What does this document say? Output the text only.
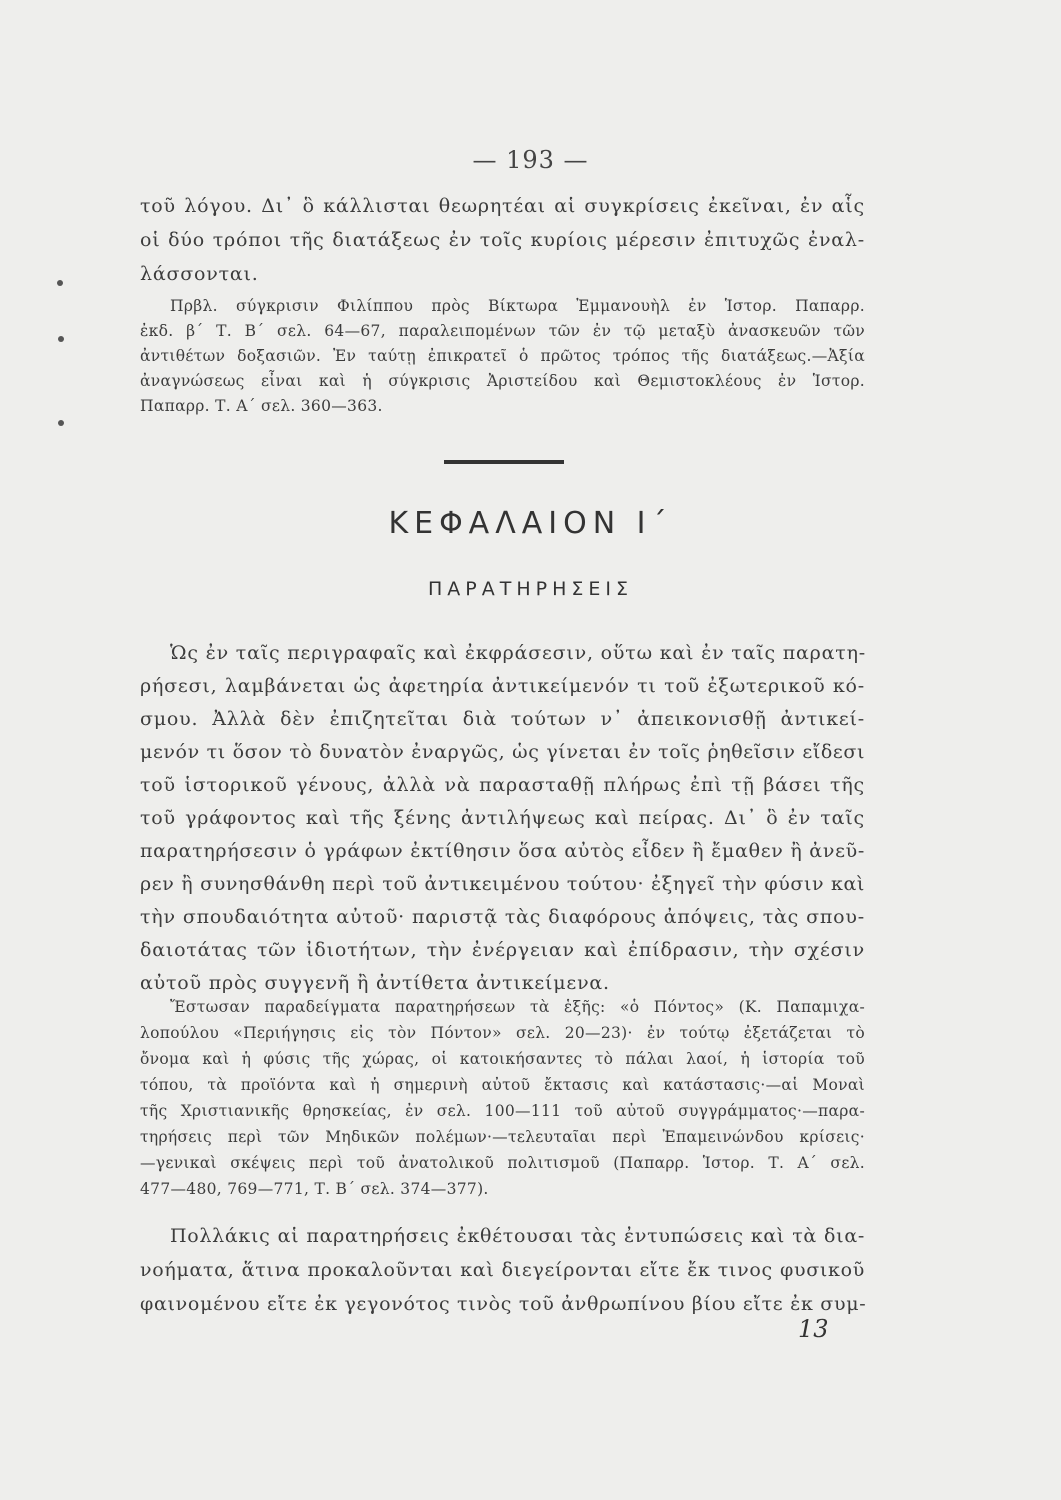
— 193 —
τοῦ λόγου. Δι᾽ ὃ κάλλισται θεωρητέαι αἱ συγκρίσεις ἐκεῖναι, ἐν αἷς
οἱ δύο τρόποι τῆς διατάξεως ἐν τοῖς κυρίοις μέρεσιν ἐπιτυχῶς ἐναλ-
λάσσονται.
Πρβλ. σύγκρισιν Φιλίππου πρὸς Βίκτωρα Ἐμμανουὴλ ἐν Ἱστορ. Παπαρρ.
ἐκδ. β΄ Τ. Β΄ σελ. 64—67, παραλειπομένων τῶν ἐν τῷ μεταξὺ ἀνασκευῶν τῶν
ἀντιθέτων δοξασιῶν. Ἐν ταύτῃ ἐπικρατεῖ ὁ πρῶτος τρόπος τῆς διατάξεως.—Ἀξία
ἀναγνώσεως εἶναι καὶ ἡ σύγκρισις Ἀριστείδου καὶ Θεμιστοκλέους ἐν Ἱστορ.
Παπαρρ. Τ. Α΄ σελ. 360—363.
ΚΕΦΑΛΑΙΟΝ Ι΄
ΠΑΡΑΤΗΡΗΣΕΙΣ
Ὡς ἐν ταῖς περιγραφαῖς καὶ ἐκφράσεσιν, οὕτω καὶ ἐν ταῖς παρατη-
ρήσεσι, λαμβάνεται ὡς ἀφετηρία ἀντικείμενόν τι τοῦ ἐξωτερικοῦ κό-
σμου. Ἀλλὰ δὲν ἐπιζητεῖται διὰ τούτων ν᾽ ἀπεικονισθῇ ἀντικεί-
μενόν τι ὅσον τὸ δυνατὸν ἐναργῶς, ὡς γίνεται ἐν τοῖς ῥηθεῖσιν εἴδεσι
τοῦ ἱστορικοῦ γένους, ἀλλὰ νὰ παρασταθῇ πλήρως ἐπὶ τῇ βάσει τῆς
τοῦ γράφοντος καὶ τῆς ξένης ἀντιλήψεως καὶ πείρας. Δι᾽ ὃ ἐν ταῖς
παρατηρήσεσιν ὁ γράφων ἐκτίθησιν ὅσα αὐτὸς εἶδεν ἢ ἔμαθεν ἢ ἀνεῦ-
ρεν ἢ συνησθάνθη περὶ τοῦ ἀντικειμένου τούτου· ἐξηγεῖ τὴν φύσιν καὶ
τὴν σπουδαιότητα αὐτοῦ· παριστᾷ τὰς διαφόρους ἀπόψεις, τὰς σπου-
δαιοτάτας τῶν ἰδιοτήτων, τὴν ἐνέργειαν καὶ ἐπίδρασιν, τὴν σχέσιν
αὐτοῦ πρὸς συγγενῆ ἢ ἀντίθετα ἀντικείμενα.
Ἔστωσαν παραδείγματα παρατηρήσεων τὰ ἑξῆς: «ὁ Πόντος» (Κ. Παπαμιχα-
λοπούλου «Περιήγησις εἰς τὸν Πόντον» σελ. 20—23)· ἐν τούτῳ ἐξετάζεται τὸ
ὄνομα καὶ ἡ φύσις τῆς χώρας, οἱ κατοικήσαντες τὸ πάλαι λαοί, ἡ ἱστορία τοῦ
τόπου, τὰ προϊόντα καὶ ἡ σημερινὴ αὐτοῦ ἔκτασις καὶ κατάστασις·—αἱ Μοναὶ
τῆς Χριστιανικῆς θρησκείας, ἐν σελ. 100—111 τοῦ αὐτοῦ συγγράμματος·—παρα-
τηρήσεις περὶ τῶν Μηδικῶν πολέμων·—τελευταῖαι περὶ Ἐπαμεινώνδου κρίσεις·
—γενικαὶ σκέψεις περὶ τοῦ ἀνατολικοῦ πολιτισμοῦ (Παπαρρ. Ἱστορ. Τ. Α΄ σελ.
477—480, 769—771, Τ. Β΄ σελ. 374—377).
Πολλάκις αἱ παρατηρήσεις ἐκθέτουσαι τὰς ἐντυπώσεις καὶ τὰ δια-
νοήματα, ἅτινα προκαλοῦνται καὶ διεγείρονται εἴτε ἔκ τινος φυσικοῦ
φαινομένου εἴτε ἐκ γεγονότος τινὸς τοῦ ἀνθρωπίνου βίου εἴτε ἐκ συμ-
13
